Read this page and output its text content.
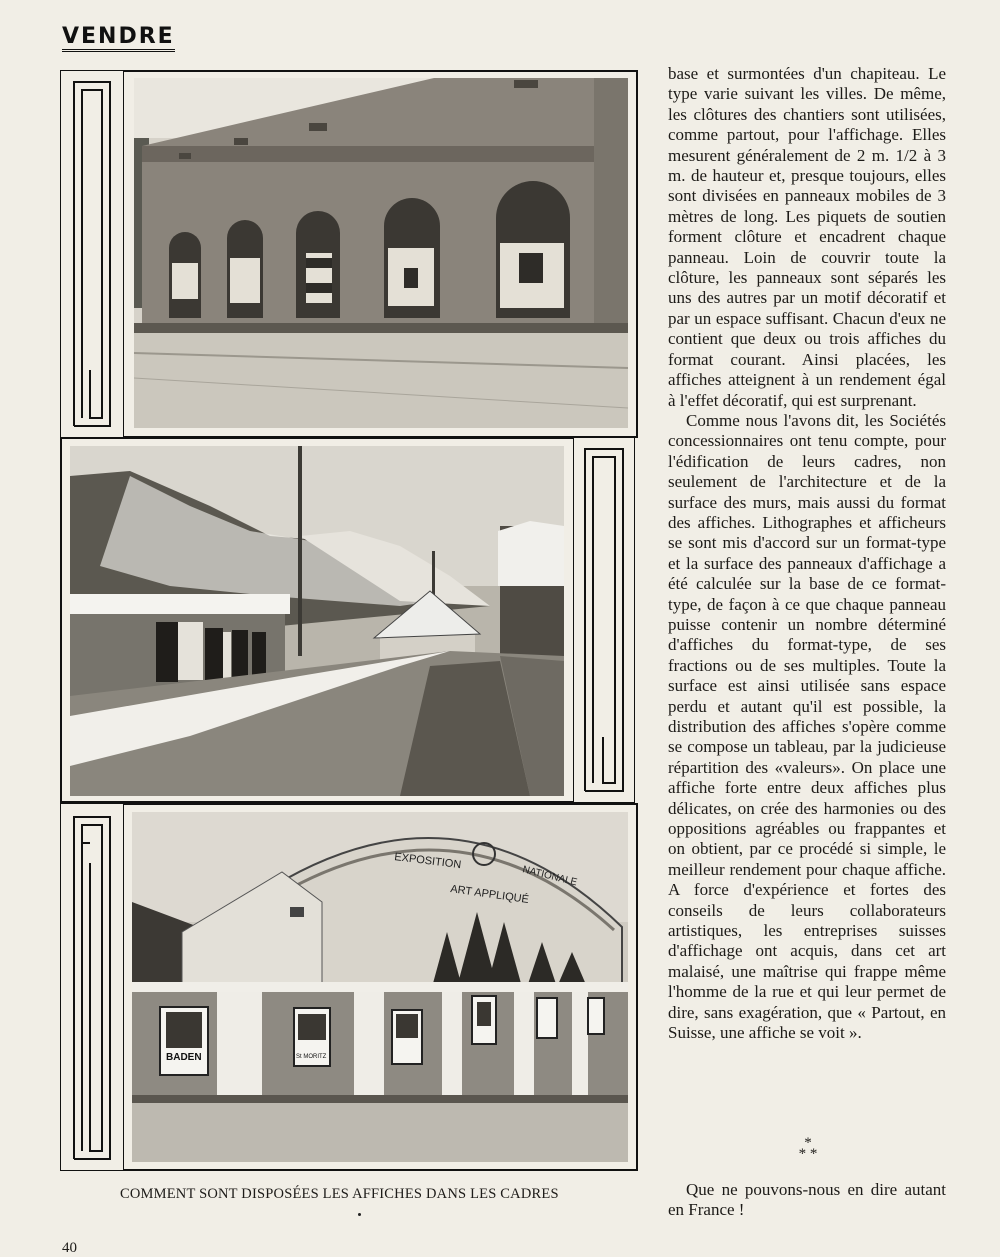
VENDRE
EXPOSITION
NATIONALE
ART APPLIQUÉ
BADEN	St MORITZ

base et surmontées d'un chapiteau. Le type varie suivant les villes. De même, les clôtures des chantiers sont utilisées, comme partout, pour l'affichage. Elles mesurent généralement de 2 m. 1/2 à 3 m. de hauteur et, presque toujours, elles sont divisées en panneaux mobiles de 3 mètres de long. Les piquets de soutien forment clôture et encadrent chaque panneau. Loin de couvrir toute la clôture, les panneaux sont séparés les uns des autres par un motif décoratif et par un espace suffisant. Chacun d'eux ne contient que deux ou trois affiches du format courant. Ainsi placées, les affiches atteignent à un rendement égal à l'effet décoratif, qui est surprenant.

Comme nous l'avons dit, les Sociétés concessionnaires ont tenu compte, pour l'édification de leurs cadres, non seulement de l'architecture et de la surface des murs, mais aussi du format des affiches. Lithographes et afficheurs se sont mis d'accord sur un format-type et la surface des panneaux d'affichage a été calculée sur la base de ce format-type, de façon à ce que chaque panneau puisse contenir un nombre déterminé d'affiches du format-type, de ses fractions ou de ses multiples. Toute la surface est ainsi utilisée sans espace perdu et autant qu'il est possible, la distribution des affiches s'opère comme se compose un tableau, par la judicieuse répartition des «valeurs». On place une affiche forte entre deux affiches plus délicates, on crée des harmonies ou des oppositions agréables ou frappantes et on obtient, par ce procédé si simple, le meilleur rendement pour chaque affiche. A force d'expérience et fortes des conseils de leurs collaborateurs artistiques, les entreprises suisses d'affichage ont acquis, dans cet art malaisé, une maîtrise qui frappe même l'homme de la rue et qui leur permet de dire, sans exagération, que « Partout, en Suisse, une affiche se voit ».

*
* *

Que ne pouvons-nous en dire autant en France !

COMMENT SONT DISPOSÉES LES AFFICHES DANS LES CADRES
40
